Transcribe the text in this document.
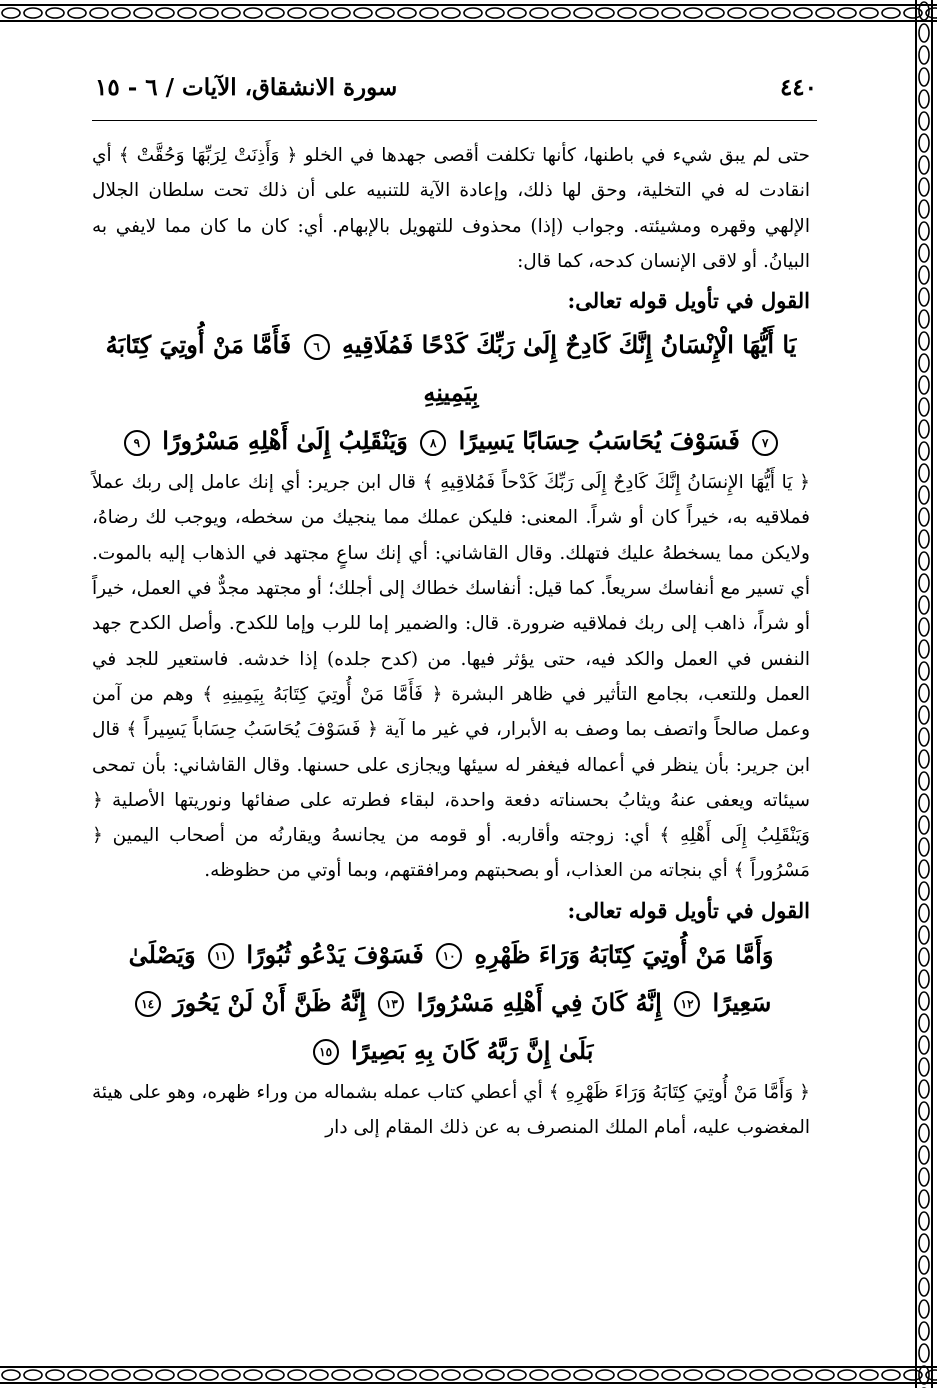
٤٤٠
سورة الانشقاق، الآيات / ٦ - ١٥

حتى لم يبق شيء في باطنها، كأنها تكلفت أقصى جهدها في الخلو ﴿ وَأَذِنَتْ لِرَبِّهَا وَحُقَّتْ ﴾ أي انقادت له في التخلية، وحق لها ذلك، وإعادة الآية للتنبيه على أن ذلك تحت سلطان الجلال الإلهي وقهره ومشيئته. وجواب (إذا) محذوف للتهويل بالإبهام. أي: كان ما كان مما لايفي به البيانُ. أو لاقى الإنسان كدحه، كما قال:

القول في تأويل قوله تعالى:
يَا أَيُّهَا الْإِنْسَانُ إِنَّكَ كَادِحٌ إِلَىٰ رَبِّكَ كَدْحًا فَمُلَاقِيهِ ٦ فَأَمَّا مَنْ أُوتِيَ كِتَابَهُ بِيَمِينِهِ
٧ فَسَوْفَ يُحَاسَبُ حِسَابًا يَسِيرًا ٨ وَيَنْقَلِبُ إِلَىٰ أَهْلِهِ مَسْرُورًا ٩

﴿ يَا أَيُّهَا الإِنسَانُ إِنَّكَ كَادِحٌ إِلَى رَبِّكَ كَدْحاً فَمُلاقِيهِ ﴾ قال ابن جرير: أي إنك عامل إلى ربك عملاً فملاقيه به، خيراً كان أو شراً. المعنى: فليكن عملك مما ينجيك من سخطه، ويوجب لك رضاهُ، ولايكن مما يسخطهُ عليك فتهلك. وقال القاشاني: أي إنك ساعٍ مجتهد في الذهاب إليه بالموت. أي تسير مع أنفاسك سريعاً. كما قيل: أنفاسك خطاك إلى أجلك؛ أو مجتهد مجدٌّ في العمل، خيراً أو شراً، ذاهب إلى ربك فملاقيه ضرورة. قال: والضمير إما للرب وإما للكدح. وأصل الكدح جهد النفس في العمل والكد فيه، حتى يؤثر فيها. من (كدح جلده) إذا خدشه. فاستعير للجد في العمل وللتعب، بجامع التأثير في ظاهر البشرة ﴿ فَأَمَّا مَنْ أُوتِيَ كِتَابَهُ بِيَمِينِهِ ﴾ وهم من آمن وعمل صالحاً واتصف بما وصف به الأبرار، في غير ما آية ﴿ فَسَوْفَ يُحَاسَبُ حِسَاباً يَسِيراً ﴾ قال ابن جرير: بأن ينظر في أعماله فيغفر له سيئها ويجازى على حسنها. وقال القاشاني: بأن تمحى سيئاته ويعفى عنهُ ويثابُ بحسناته دفعة واحدة، لبقاء فطرته على صفائها ونوريتها الأصلية ﴿ وَيَنْقَلِبُ إِلَى أَهْلِهِ ﴾ أي: زوجته وأقاربه. أو قومه من يجانسهُ ويقارنُه من أصحاب اليمين ﴿ مَسْرُوراً ﴾ أي بنجاته من العذاب، أو بصحبتهم ومرافقتهم، وبما أوتي من حظوظه.

القول في تأويل قوله تعالى:
وَأَمَّا مَنْ أُوتِيَ كِتَابَهُ وَرَاءَ ظَهْرِهِ ١٠ فَسَوْفَ يَدْعُو ثُبُورًا ١١ وَيَصْلَىٰ
سَعِيرًا ١٢ إِنَّهُ كَانَ فِي أَهْلِهِ مَسْرُورًا ١٣ إِنَّهُ ظَنَّ أَنْ لَنْ يَحُورَ ١٤
بَلَىٰ إِنَّ رَبَّهُ كَانَ بِهِ بَصِيرًا ١٥

﴿ وَأَمَّا مَنْ أُوتِيَ كِتَابَهُ وَرَاءَ ظَهْرِهِ ﴾ أي أعطي كتاب عمله بشماله من وراء ظهره، وهو على هيئة المغضوب عليه، أمام الملك المنصرف به عن ذلك المقام إلى دار
